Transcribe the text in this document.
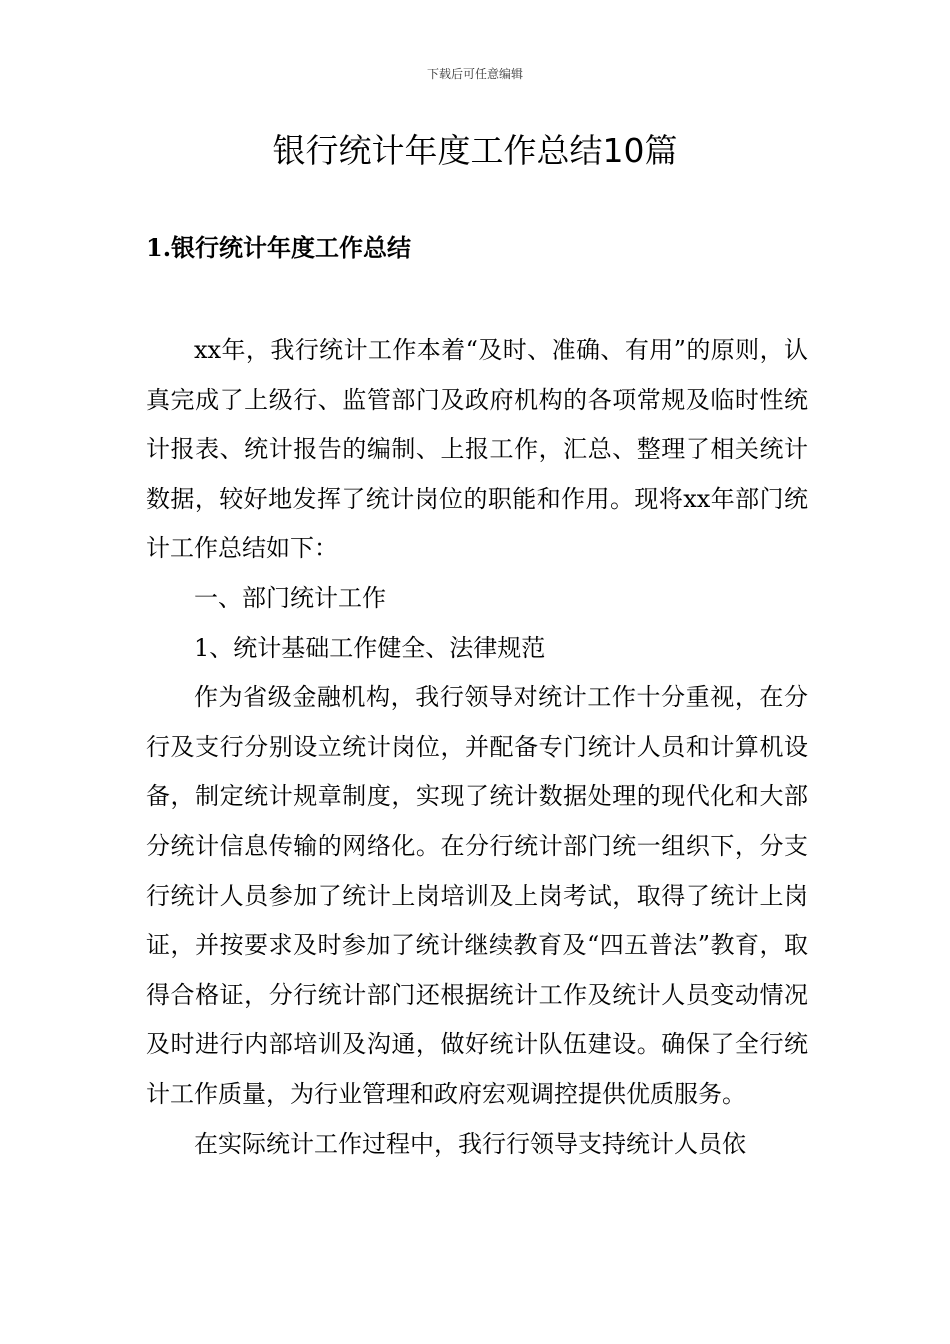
下载后可任意编辑
银行统计年度工作总结10篇
1.银行统计年度工作总结

xx年，我行统计工作本着“及时、准确、有用”的原则，认真完成了上级行、监管部门及政府机构的各项常规及临时性统计报表、统计报告的编制、上报工作，汇总、整理了相关统计数据，较好地发挥了统计岗位的职能和作用。现将xx年部门统计工作总结如下：

一、部门统计工作

1、统计基础工作健全、法律规范

作为省级金融机构，我行领导对统计工作十分重视，在分行及支行分别设立统计岗位，并配备专门统计人员和计算机设备，制定统计规章制度，实现了统计数据处理的现代化和大部分统计信息传输的网络化。在分行统计部门统一组织下，分支行统计人员参加了统计上岗培训及上岗考试，取得了统计上岗证，并按要求及时参加了统计继续教育及“四五普法”教育，取得合格证，分行统计部门还根据统计工作及统计人员变动情况及时进行内部培训及沟通，做好统计队伍建设。确保了全行统计工作质量，为行业管理和政府宏观调控提供优质服务。

在实际统计工作过程中，我行行领导支持统计人员依
